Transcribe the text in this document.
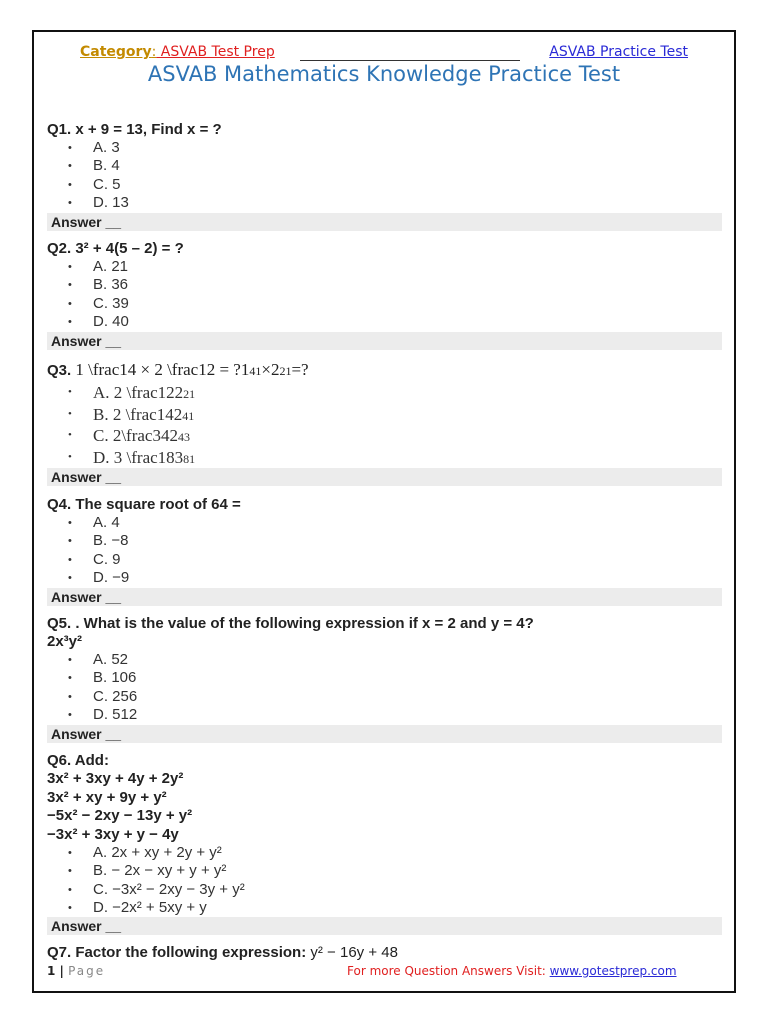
Category: ASVAB Test Prep	ASVAB Practice Test
ASVAB Mathematics Knowledge Practice Test
Q1. x + 9 = 13, Find x = ?
• A. 3
• B. 4
• C. 5
• D. 13
Answer __
Q2. 3² + 4(5 – 2) = ?
• A. 21
• B. 36
• C. 39
• D. 40
Answer __
Q3. 1 \frac14 × 2 \frac12 = ?141×221=?
• A. 2 \frac12221
• B. 2 \frac14241
• C. 2\frac34243
• D. 3 \frac18381
Answer __
Q4. The square root of 64 =
• A. 4
• B. −8
• C. 9
• D. −9
Answer __
Q5. . What is the value of the following expression if x = 2 and y = 4?
2x³y²
• A. 52
• B. 106
• C. 256
• D. 512
Answer __
Q6. Add:
3x² + 3xy + 4y + 2y²
3x² + xy + 9y + y²
−5x² − 2xy − 13y + y²
−3x² + 3xy + y − 4y
• A. 2x + xy + 2y + y²
• B. − 2x − xy + y + y²
• C. −3x² − 2xy − 3y + y²
• D. −2x² + 5xy + y
Answer __
Q7. Factor the following expression: y² − 16y + 48
1 | Page	For more Question Answers Visit: www.gotestprep.com
